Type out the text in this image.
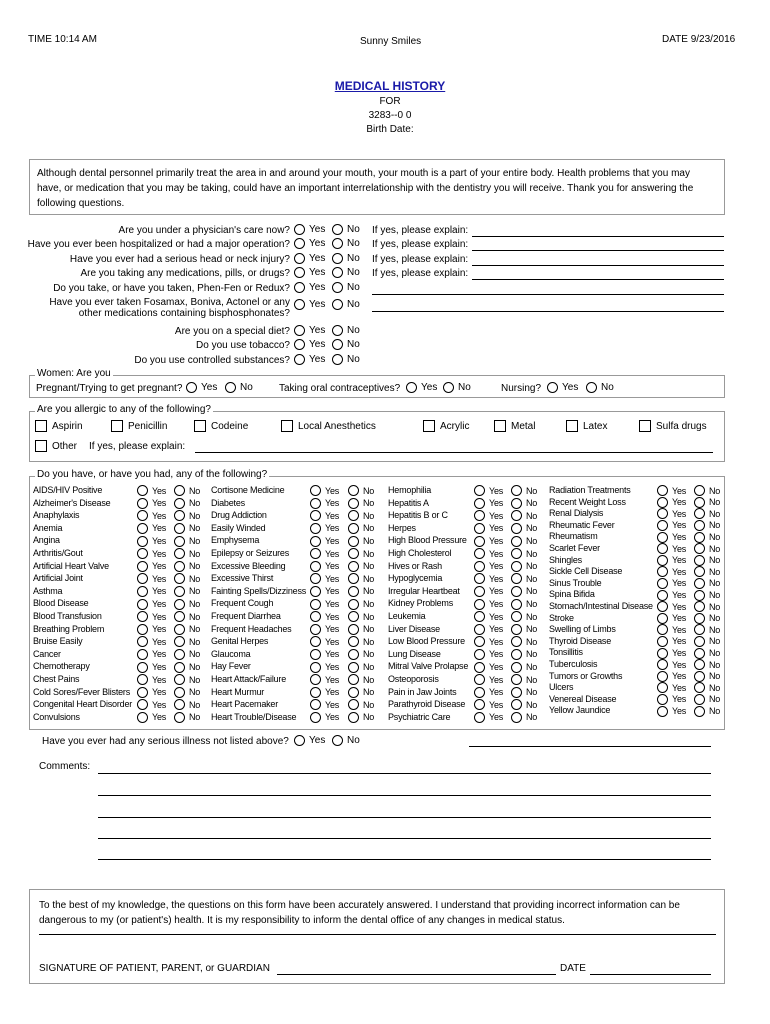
TIME 10:14 AM	Sunny Smiles	DATE 9/23/2016
MEDICAL HISTORY
FOR
3283--0 0
Birth Date:
Although dental personnel primarily treat the area in and around your mouth, your mouth is a part of your entire body. Health problems that you may have, or medication that you may be taking, could have an important interrelationship with the dentistry you will receive. Thank you for answering the following questions.
Are you under a physician's care now?	Yes	No If yes, please explain:
Have you ever been hospitalized or had a major operation?	Yes	No If yes, please explain:
Have you ever had a serious head or neck injury?	Yes	No If yes, please explain:
Are you taking any medications, pills, or drugs?	Yes	No If yes, please explain:
Do you take, or have you taken, Phen-Fen or Redux?	Yes	No
Have you ever taken Fosamax, Boniva, Actonel or any
other medications containing bisphosphonates?
Yes	No
Are you on a special diet?	Yes	No
Do you use tobacco?	Yes	No
Do you use controlled substances?	Yes	No
Women: Are you
Pregnant/Trying to get pregnant?	Yes	No	Taking oral contraceptives?	Yes	No	Nursing?	Yes	No
Are you allergic to any of the following?
Aspirin	Penicillin	Codeine	Local Anesthetics	Acrylic	Metal	Latex	Sulfa drugs
Other If yes, please explain:
Do you have, or have you had, any of the following?
AIDS/HIV Positive	Yes	No
Alzheimer's Disease	Yes	No
Anaphylaxis	Yes	No
Anemia	Yes	No
Angina	Yes	No
Arthritis/Gout	Yes	No
Artificial Heart Valve	Yes	No
Artificial Joint	Yes	No
Asthma	Yes	No
Blood Disease	Yes	No
Blood Transfusion	Yes	No
Breathing Problem	Yes	No
Bruise Easily	Yes	No
Cancer	Yes	No
Chemotherapy	Yes	No
Chest Pains	Yes	No
Cold Sores/Fever Blisters	Yes	No
Congenital Heart Disorder	Yes	No
Convulsions	Yes	No
Cortisone Medicine	Yes	No
Diabetes	Yes	No
Drug Addiction	Yes	No
Easily Winded	Yes	No
Emphysema	Yes	No
Epilepsy or Seizures	Yes	No
Excessive Bleeding	Yes	No
Excessive Thirst	Yes	No
Fainting Spells/Dizziness	Yes	No
Frequent Cough	Yes	No
Frequent Diarrhea	Yes	No
Frequent Headaches	Yes	No
Genital Herpes	Yes	No
Glaucoma	Yes	No
Hay Fever	Yes	No
Heart Attack/Failure	Yes	No
Heart Murmur	Yes	No
Heart Pacemaker	Yes	No
Heart Trouble/Disease	Yes	No
Hemophilia	Yes	No
Hepatitis A	Yes	No
Hepatitis B or C	Yes	No
Herpes	Yes	No
High Blood Pressure	Yes	No
High Cholesterol	Yes	No
Hives or Rash	Yes	No
Hypoglycemia	Yes	No
Irregular Heartbeat	Yes	No
Kidney Problems	Yes	No
Leukemia	Yes	No
Liver Disease	Yes	No
Low Blood Pressure	Yes	No
Lung Disease	Yes	No
Mitral Valve Prolapse	Yes	No
Osteoporosis	Yes	No
Pain in Jaw Joints	Yes	No
Parathyroid Disease	Yes	No
Psychiatric Care	Yes	No
Radiation Treatments	Yes	No
Recent Weight Loss	Yes	No
Renal Dialysis	Yes	No
Rheumatic Fever	Yes	No
Rheumatism	Yes	No
Scarlet Fever	Yes	No
Shingles	Yes	No
Sickle Cell Disease	Yes	No
Sinus Trouble	Yes	No
Spina Bifida	Yes	No
Stomach/Intestinal Disease	Yes	No
Stroke	Yes	No
Swelling of Limbs	Yes	No
Thyroid Disease	Yes	No
Tonsillitis	Yes	No
Tuberculosis	Yes	No
Tumors or Growths	Yes	No
Ulcers	Yes	No
Venereal Disease	Yes	No
Yellow Jaundice	Yes	No
Have you ever had any serious illness not listed above?	Yes	No
Comments:
To the best of my knowledge, the questions on this form have been accurately answered. I understand that providing incorrect information can be dangerous to my (or patient's) health. It is my responsibility to inform the dental office of any changes in medical status.
SIGNATURE OF PATIENT, PARENT, or GUARDIAN	DATE
